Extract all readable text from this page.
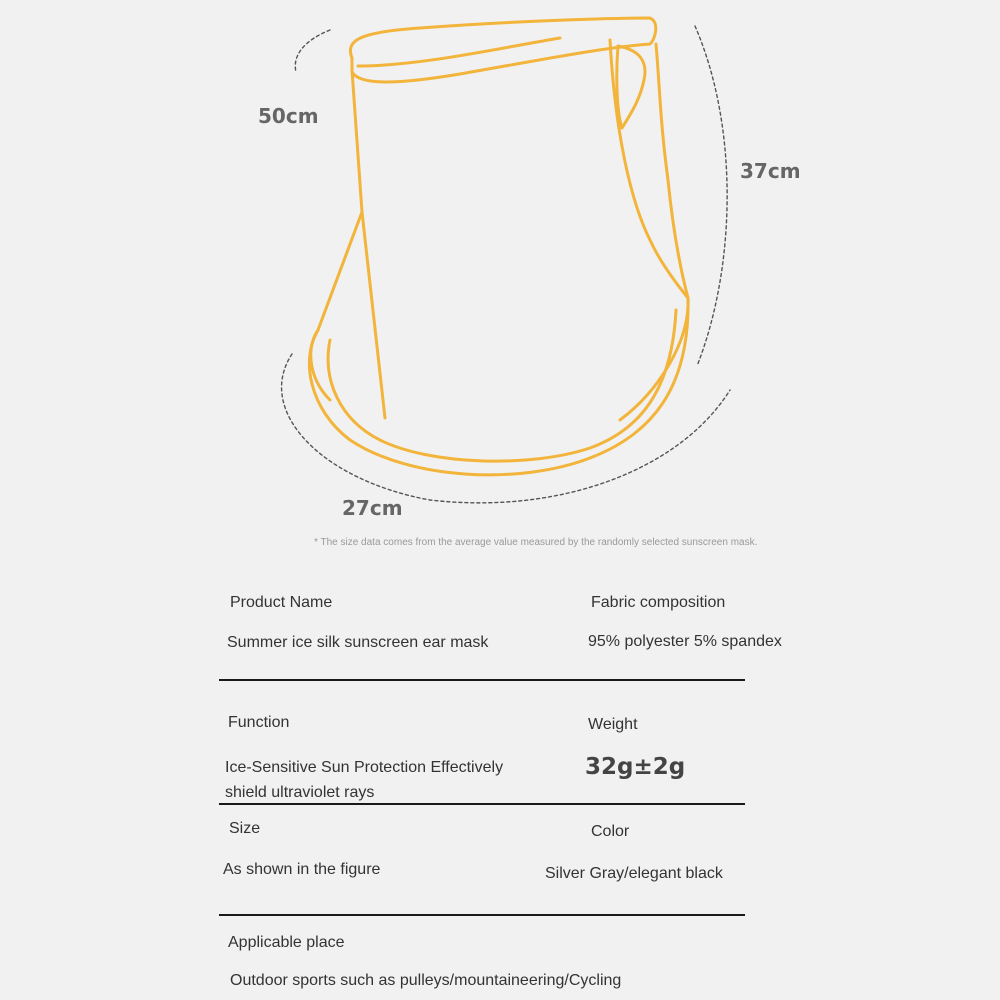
50cm
37cm
27cm
* The size data comes from the average value measured by the randomly selected sunscreen mask.
Product Name
Summer ice silk sunscreen ear mask
Fabric composition
95% polyester 5% spandex
Function
Ice-Sensitive Sun Protection Effectively shield ultraviolet rays
Weight
32g±2g
Size
As shown in the figure
Color
Silver Gray/elegant black
Applicable place
Outdoor sports such as pulleys/mountaineering/Cycling
